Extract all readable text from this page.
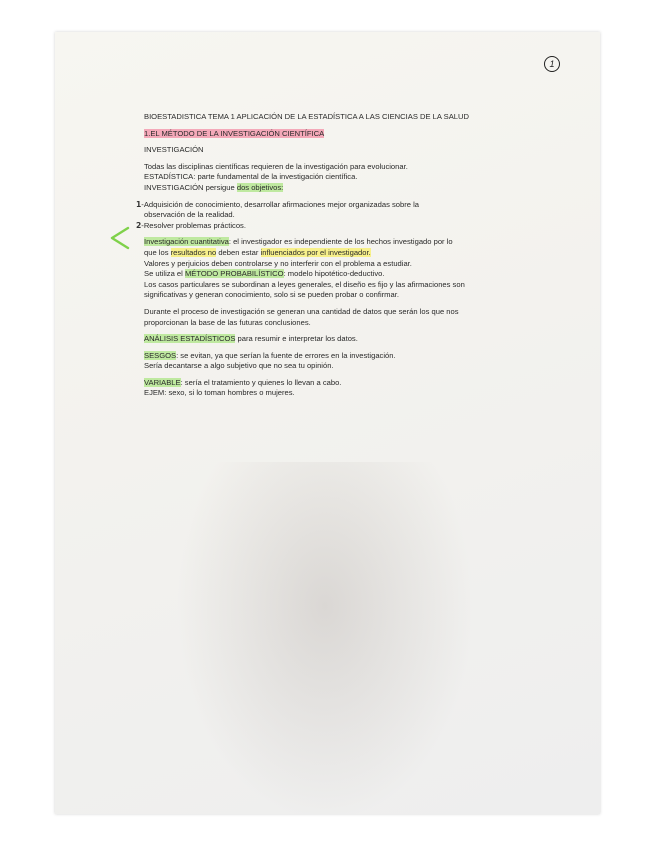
1

BIOESTADISTICA TEMA 1 APLICACIÓN DE LA ESTADÍSTICA A LAS CIENCIAS DE LA SALUD

1.EL MÉTODO DE LA INVESTIGACIÓN CIENTÍFICA

INVESTIGACIÓN

Todas las disciplinas científicas requieren de la investigación para evolucionar.

ESTADÍSTICA: parte fundamental de la investigación científica.

INVESTIGACIÓN persigue dos objetivos:

1-Adquisición de conocimiento, desarrollar afirmaciones mejor organizadas sobre la

observación de la realidad.

2-Resolver problemas prácticos.

Investigación cuantitativa: el investigador es independiente de los hechos investigado por lo

que los resultados no deben estar influenciados por el investigador.

Valores y perjuicios deben controlarse y no interferir con el problema a estudiar.

Se utiliza el MÉTODO PROBABILÍSTICO: modelo hipotético-deductivo.

Los casos particulares se subordinan a leyes generales, el diseño es fijo y las afirmaciones son

significativas y generan conocimiento, solo si se pueden probar o confirmar.

Durante el proceso de investigación se generan una cantidad de datos que serán los que nos

proporcionan la base de las futuras conclusiones.

ANÁLISIS ESTADÍSTICOS para resumir e interpretar los datos.

SESGOS: se evitan, ya que serían la fuente de errores en la investigación.

Sería decantarse a algo subjetivo que no sea tu opinión.

VARIABLE: sería el tratamiento y quienes lo llevan a cabo.

EJEM: sexo, si lo toman hombres o mujeres.
